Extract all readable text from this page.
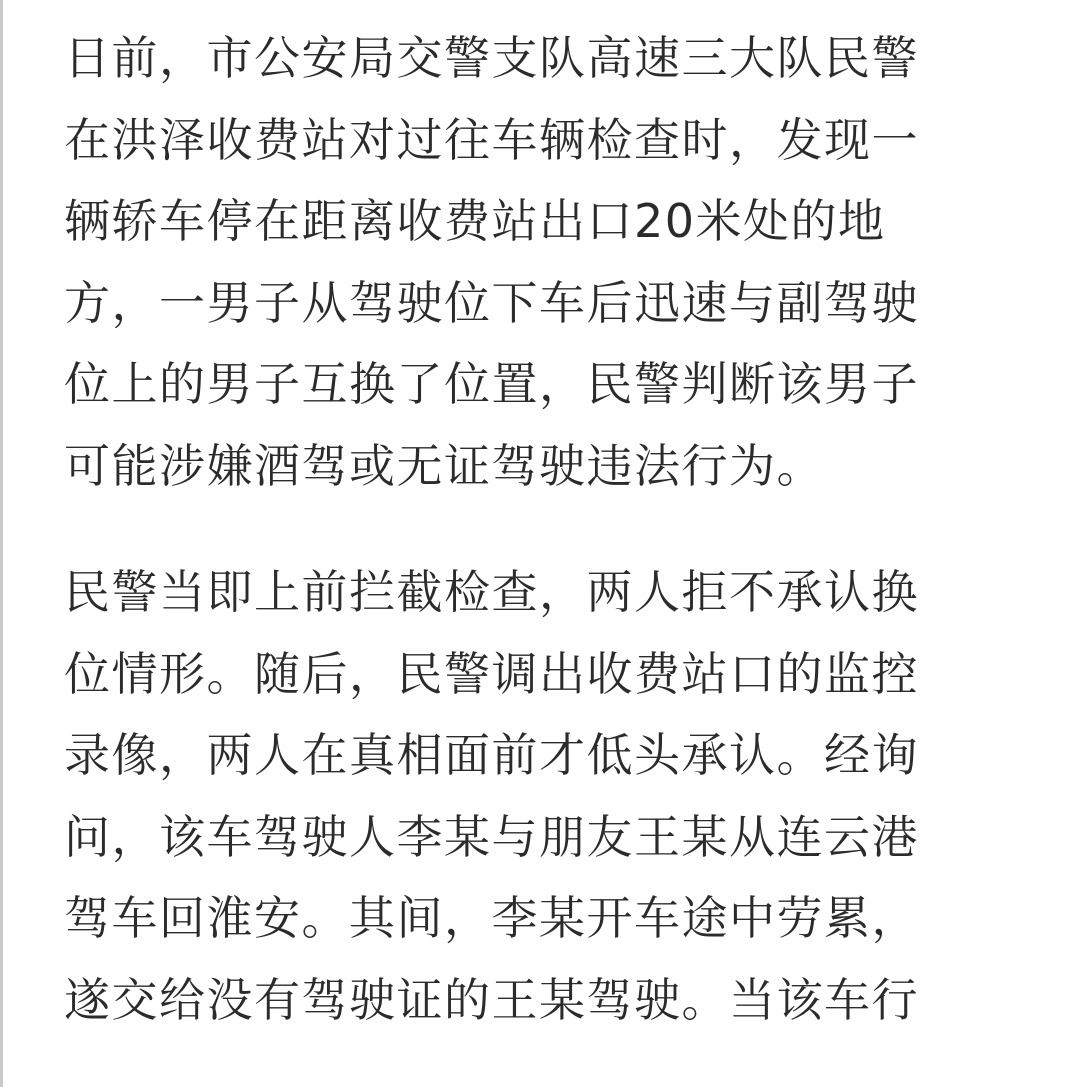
日前，市公安局交警支队高速三大队民警
在洪泽收费站对过往车辆检查时，发现一
辆轿车停在距离收费站出口20米处的地
方，一男子从驾驶位下车后迅速与副驾驶
位上的男子互换了位置，民警判断该男子
可能涉嫌酒驾或无证驾驶违法行为。

民警当即上前拦截检查，两人拒不承认换
位情形。随后，民警调出收费站口的监控
录像，两人在真相面前才低头承认。经询
问，该车驾驶人李某与朋友王某从连云港
驾车回淮安。其间，李某开车途中劳累，
遂交给没有驾驶证的王某驾驶。当该车行
